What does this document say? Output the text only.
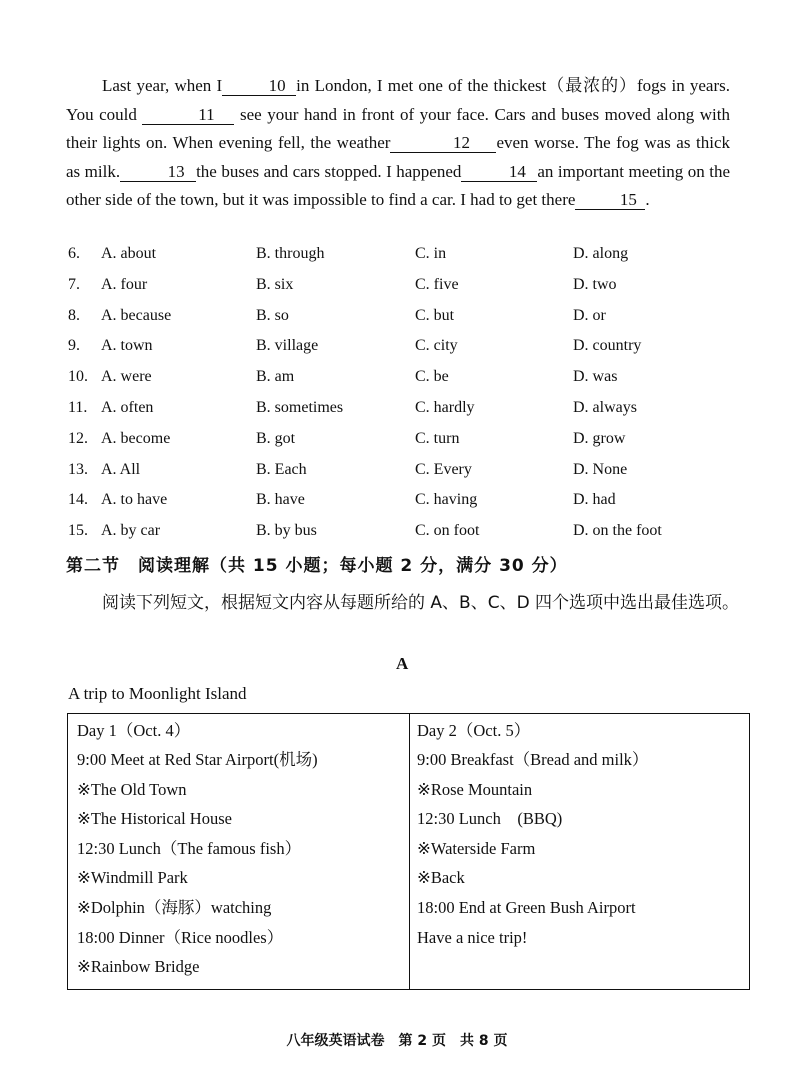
Last year, when I	10 in London, I met one of the thickest（最浓的）fogs in years. You could	11 see your hand in front of your face. Cars and buses moved along with their lights on. When evening fell, the weather	12 even worse. The fog was as thick as milk.	13 the buses and cars stopped. I happened	14 an important meeting on the other side of the town, but it was impossible to find a car. I had to get there	15 .

6. A. about	B. through	C. in	D. along
7. A. four	B. six	C. five	D. two
8. A. because	B. so	C. but	D. or
9. A. town	B. village	C. city	D. country
10. A. were	B. am	C. be	D. was
11. A. often	B. sometimes	C. hardly	D. always
12. A. become	B. got	C. turn	D. grow
13. A. All	B. Each	C. Every	D. None
14. A. to have	B. have	C. having	D. had
15. A. by car	B. by bus	C. on foot	D. on the foot
第二节　阅读理解（共 15 小题；每小题 2 分，满分 30 分）
阅读下列短文，根据短文内容从每题所给的 A、B、C、D 四个选项中选出最佳选项。
A
A trip to Moonlight Island
Day 1（Oct. 4）
9:00 Meet at Red Star Airport(机场)
※The Old Town
※The Historical House
12:30 Lunch（The famous fish）
※Windmill Park
※Dolphin（海豚）watching
18:00 Dinner（Rice noodles）
※Rainbow Bridge
Day 2（Oct. 5）
9:00 Breakfast（Bread and milk）
※Rose Mountain
12:30 Lunch　(BBQ)
※Waterside Farm
※Back
18:00 End at Green Bush Airport
Have a nice trip!
八年级英语试卷　第 2 页　共 8 页
